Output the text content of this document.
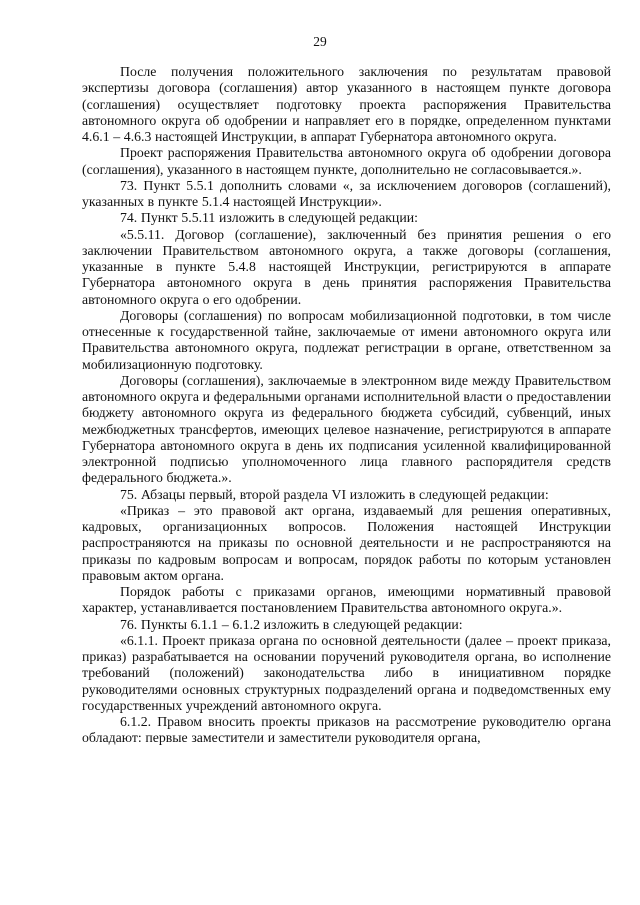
29

После получения положительного заключения по результатам правовой экспертизы договора (соглашения) автор указанного в настоящем пункте договора (соглашения) осуществляет подготовку проекта распоряжения Правительства автономного округа об одобрении и направляет его в порядке, определенном пунктами 4.6.1 – 4.6.3 настоящей Инструкции, в аппарат Губернатора автономного округа.

Проект распоряжения Правительства автономного округа об одобрении договора (соглашения), указанного в настоящем пункте, дополнительно не согласовывается.».

73. Пункт 5.5.1 дополнить словами «, за исключением договоров (соглашений), указанных в пункте 5.1.4 настоящей Инструкции».

74. Пункт 5.5.11 изложить в следующей редакции:

«5.5.11. Договор (соглашение), заключенный без принятия решения о его заключении Правительством автономного округа, а также договоры (соглашения, указанные в пункте 5.4.8 настоящей Инструкции, регистрируются в аппарате Губернатора автономного округа в день принятия распоряжения Правительства автономного округа о его одобрении.

Договоры (соглашения) по вопросам мобилизационной подготовки, в том числе отнесенные к государственной тайне, заключаемые от имени автономного округа или Правительства автономного округа, подлежат регистрации в органе, ответственном за мобилизационную подготовку.

Договоры (соглашения), заключаемые в электронном виде между Правительством автономного округа и федеральными органами исполнительной власти о предоставлении бюджету автономного округа из федерального бюджета субсидий, субвенций, иных межбюджетных трансфертов, имеющих целевое назначение, регистрируются в аппарате Губернатора автономного округа в день их подписания усиленной квалифицированной электронной подписью уполномоченного лица главного распорядителя средств федерального бюджета.».

75. Абзацы первый, второй раздела VI изложить в следующей редакции:

«Приказ – это правовой акт органа, издаваемый для решения оперативных, кадровых, организационных вопросов. Положения настоящей Инструкции распространяются на приказы по основной деятельности и не распространяются на приказы по кадровым вопросам и вопросам, порядок работы по которым установлен правовым актом органа.

Порядок работы с приказами органов, имеющими нормативный правовой характер, устанавливается постановлением Правительства автономного округа.».

76. Пункты 6.1.1 – 6.1.2 изложить в следующей редакции:

«6.1.1. Проект приказа органа по основной деятельности (далее – проект приказа, приказ) разрабатывается на основании поручений руководителя органа, во исполнение требований (положений) законодательства либо в инициативном порядке руководителями основных структурных подразделений органа и подведомственных ему государственных учреждений автономного округа.

6.1.2. Правом вносить проекты приказов на рассмотрение руководителю органа обладают: первые заместители и заместители руководителя органа,
